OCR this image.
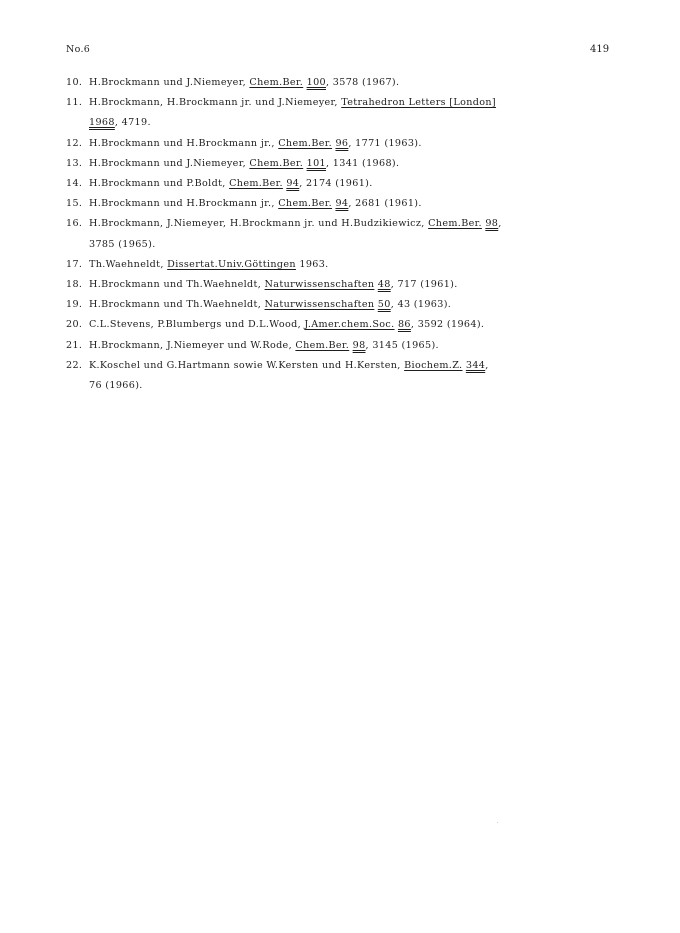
No.6	419
10. H.Brockmann und J.Niemeyer, Chem.Ber. 100, 3578 (1967).
11. H.Brockmann, H.Brockmann jr. und J.Niemeyer, Tetrahedron Letters [London]
1968, 4719.
12. H.Brockmann und H.Brockmann jr., Chem.Ber. 96, 1771 (1963).
13. H.Brockmann und J.Niemeyer, Chem.Ber. 101, 1341 (1968).
14. H.Brockmann und P.Boldt, Chem.Ber. 94, 2174 (1961).
15. H.Brockmann und H.Brockmann jr., Chem.Ber. 94, 2681 (1961).
16. H.Brockmann, J.Niemeyer, H.Brockmann jr. und H.Budzikiewicz, Chem.Ber. 98,
3785 (1965).
17. Th.Waehneldt, Dissertat.Univ.Göttingen 1963.
18. H.Brockmann und Th.Waehneldt, Naturwissenschaften 48, 717 (1961).
19. H.Brockmann und Th.Waehneldt, Naturwissenschaften 50, 43 (1963).
20. C.L.Stevens, P.Blumbergs und D.L.Wood, J.Amer.chem.Soc. 86, 3592 (1964).
21. H.Brockmann, J.Niemeyer und W.Rode, Chem.Ber. 98, 3145 (1965).
22. K.Koschel und G.Hartmann sowie W.Kersten und H.Kersten, Biochem.Z. 344,
76 (1966).
